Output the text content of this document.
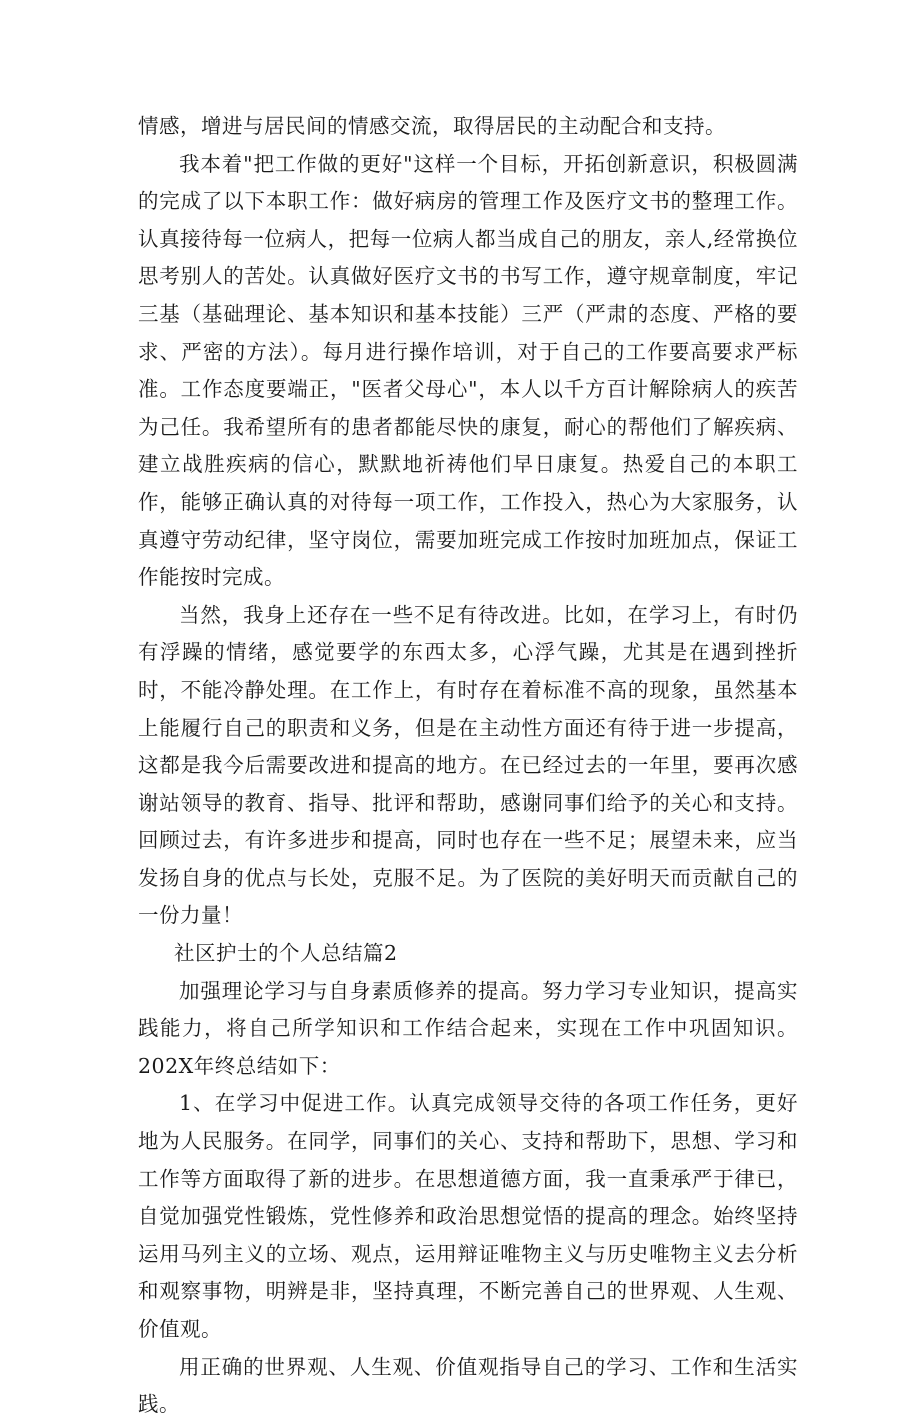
情感，增进与居民间的情感交流，取得居民的主动配合和支持。

我本着"把工作做的更好"这样一个目标，开拓创新意识，积极圆满的完成了以下本职工作：做好病房的管理工作及医疗文书的整理工作。认真接待每一位病人，把每一位病人都当成自己的朋友，亲人,经常换位思考别人的苦处。认真做好医疗文书的书写工作，遵守规章制度，牢记三基（基础理论、基本知识和基本技能）三严（严肃的态度、严格的要求、严密的方法）。每月进行操作培训，对于自己的工作要高要求严标准。工作态度要端正，"医者父母心"，本人以千方百计解除病人的疾苦为己任。我希望所有的患者都能尽快的康复，耐心的帮他们了解疾病、建立战胜疾病的信心，默默地祈祷他们早日康复。热爱自己的本职工作，能够正确认真的对待每一项工作，工作投入，热心为大家服务，认真遵守劳动纪律，坚守岗位，需要加班完成工作按时加班加点，保证工作能按时完成。

当然，我身上还存在一些不足有待改进。比如，在学习上，有时仍有浮躁的情绪，感觉要学的东西太多，心浮气躁，尤其是在遇到挫折时，不能冷静处理。在工作上，有时存在着标准不高的现象，虽然基本上能履行自己的职责和义务，但是在主动性方面还有待于进一步提高，这都是我今后需要改进和提高的地方。在已经过去的一年里，要再次感谢站领导的教育、指导、批评和帮助，感谢同事们给予的关心和支持。回顾过去，有许多进步和提高，同时也存在一些不足；展望未来，应当发扬自身的优点与长处，克服不足。为了医院的美好明天而贡献自己的一份力量！

社区护士的个人总结篇2

加强理论学习与自身素质修养的提高。努力学习专业知识，提高实践能力，将自己所学知识和工作结合起来，实现在工作中巩固知识。202X年终总结如下：

1、在学习中促进工作。认真完成领导交待的各项工作任务，更好地为人民服务。在同学，同事们的关心、支持和帮助下，思想、学习和工作等方面取得了新的进步。在思想道德方面，我一直秉承严于律已，自觉加强党性锻炼，党性修养和政治思想觉悟的提高的理念。始终坚持运用马列主义的立场、观点，运用辩证唯物主义与历史唯物主义去分析和观察事物，明辨是非，坚持真理，不断完善自己的世界观、人生观、价值观。

用正确的世界观、人生观、价值观指导自己的学习、工作和生活实践。
